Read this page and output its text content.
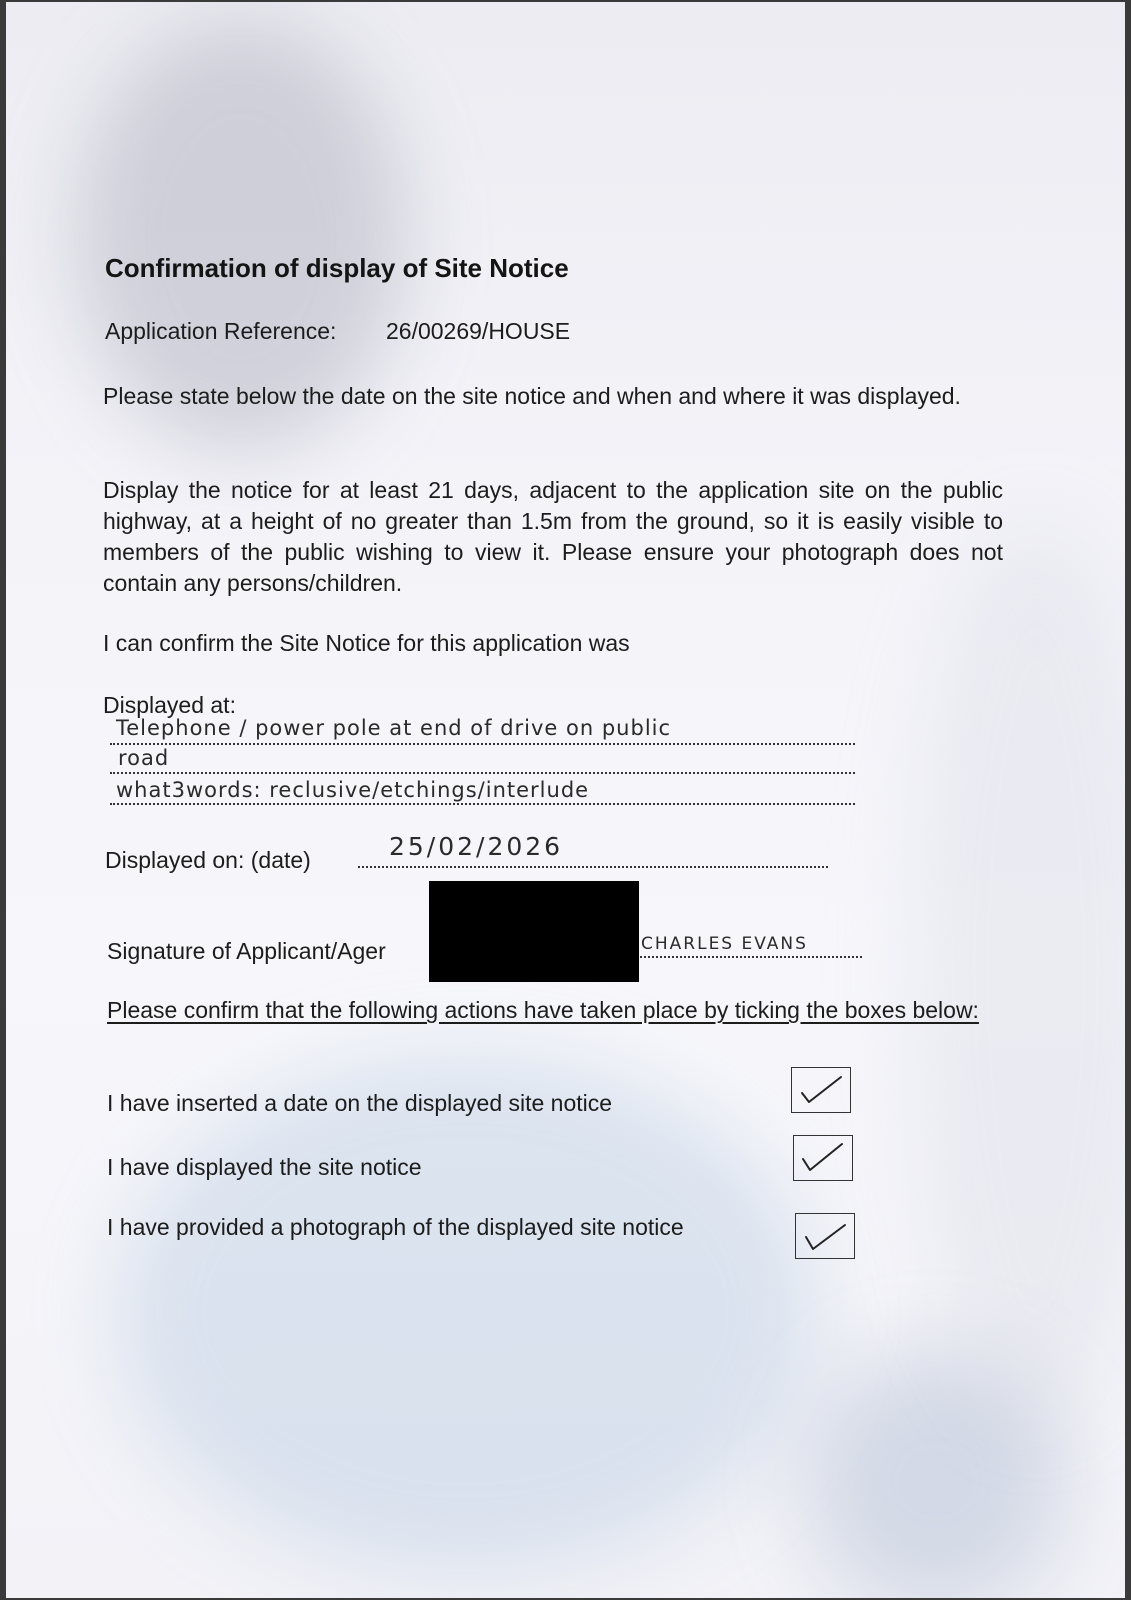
Confirmation of display of Site Notice
Application Reference: 26/00269/HOUSE
Please state below the date on the site notice and when and where it was displayed.
Display the notice for at least 21 days, adjacent to the application site on the public highway, at a height of no greater than 1.5m from the ground, so it is easily visible to members of the public wishing to view it. Please ensure your photograph does not contain any persons/children.
I can confirm the Site Notice for this application was
Displayed at:
Telephone / power pole at end of drive on public
road
what3words: reclusive/etchings/interlude
Displayed on: (date)	25/02/2026
Signature of Applicant/Ager	CHARLES EVANS
Please confirm that the following actions have taken place by ticking the boxes below:
I have inserted a date on the displayed site notice
I have displayed the site notice
I have provided a photograph of the displayed site notice
